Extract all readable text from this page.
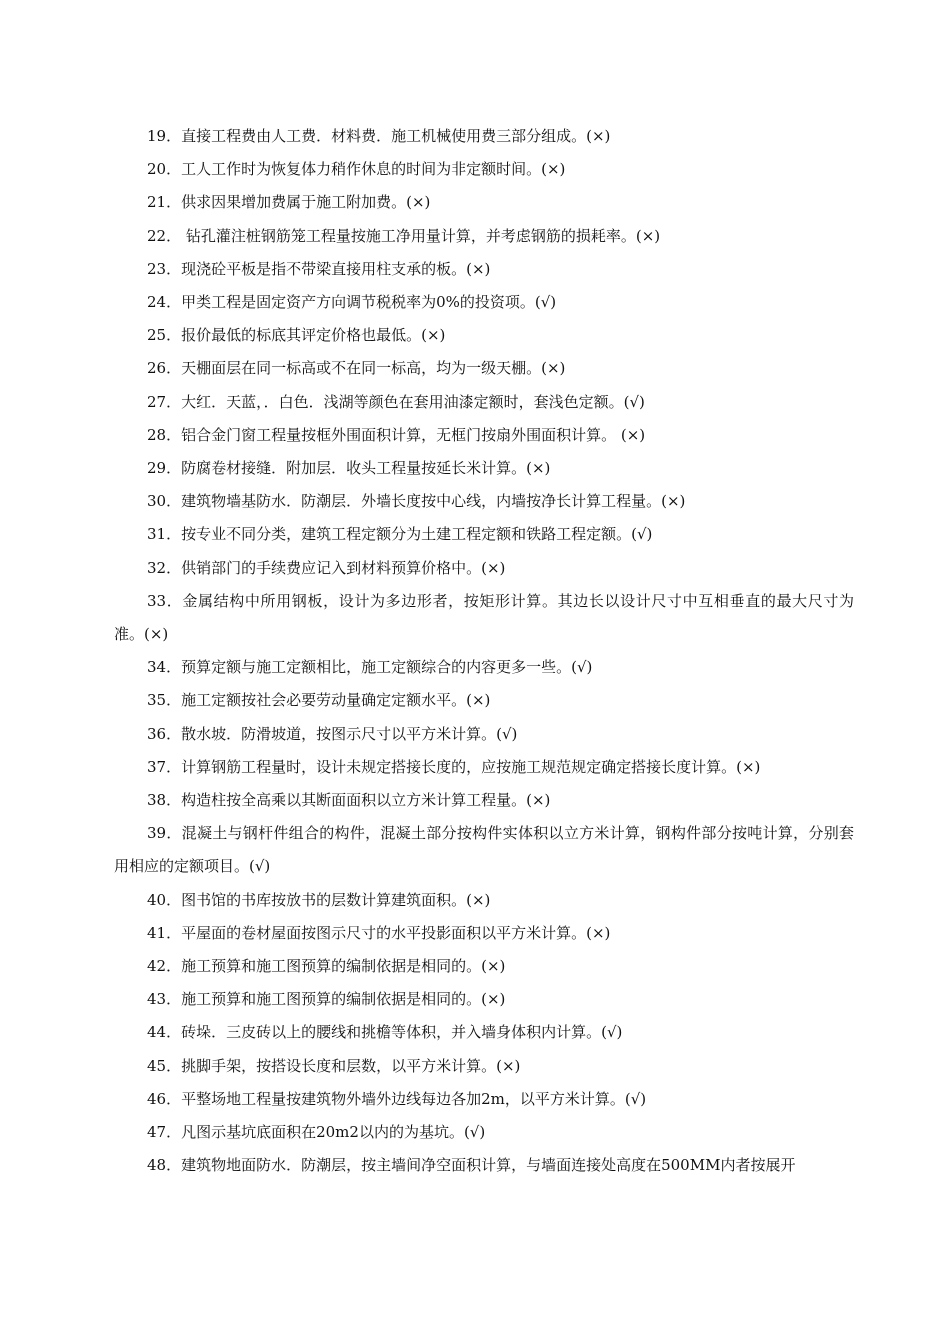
19．直接工程费由人工费．材料费．施工机械使用费三部分组成。(×)

20．工人工作时为恢复体力稍作休息的时间为非定额时间。(×)

21．供求因果增加费属于施工附加费。(×)

22． 钻孔灌注桩钢筋笼工程量按施工净用量计算，并考虑钢筋的损耗率。(×)

23．现浇砼平板是指不带梁直接用柱支承的板。(×)

24．甲类工程是固定资产方向调节税税率为0%的投资项。(√)

25．报价最低的标底其评定价格也最低。(×)

26．天棚面层在同一标高或不在同一标高，均为一级天棚。(×)

27．大红．天蓝，．白色．浅湖等颜色在套用油漆定额时，套浅色定额。(√)

28．铝合金门窗工程量按框外围面积计算，无框门按扇外围面积计算。 (×)

29．防腐卷材接缝．附加层．收头工程量按延长米计算。(×)

30．建筑物墙基防水．防潮层．外墙长度按中心线，内墙按净长计算工程量。(×)

31．按专业不同分类，建筑工程定额分为土建工程定额和铁路工程定额。(√)

32．供销部门的手续费应记入到材料预算价格中。(×)

33．金属结构中所用钢板，设计为多边形者，按矩形计算。其边长以设计尺寸中互相垂直的最大尺寸为准。(×)

34．预算定额与施工定额相比，施工定额综合的内容更多一些。(√)

35．施工定额按社会必要劳动量确定定额水平。(×)

36．散水坡．防滑坡道，按图示尺寸以平方米计算。(√)

37．计算钢筋工程量时，设计未规定搭接长度的，应按施工规范规定确定搭接长度计算。(×)

38．构造柱按全高乘以其断面面积以立方米计算工程量。(×)

39．混凝土与钢杆件组合的构件，混凝土部分按构件实体积以立方米计算，钢构件部分按吨计算，分别套用相应的定额项目。(√)

40．图书馆的书库按放书的层数计算建筑面积。(×)

41．平屋面的卷材屋面按图示尺寸的水平投影面积以平方米计算。(×)

42．施工预算和施工图预算的编制依据是相同的。(×)

43．施工预算和施工图预算的编制依据是相同的。(×)

44．砖垛．三皮砖以上的腰线和挑檐等体积，并入墙身体积内计算。(√)

45．挑脚手架，按搭设长度和层数，以平方米计算。(×)

46．平整场地工程量按建筑物外墙外边线每边各加2m，以平方米计算。(√)

47．凡图示基坑底面积在20m2以内的为基坑。(√)

48．建筑物地面防水．防潮层，按主墙间净空面积计算，与墙面连接处高度在500MM内者按展开
